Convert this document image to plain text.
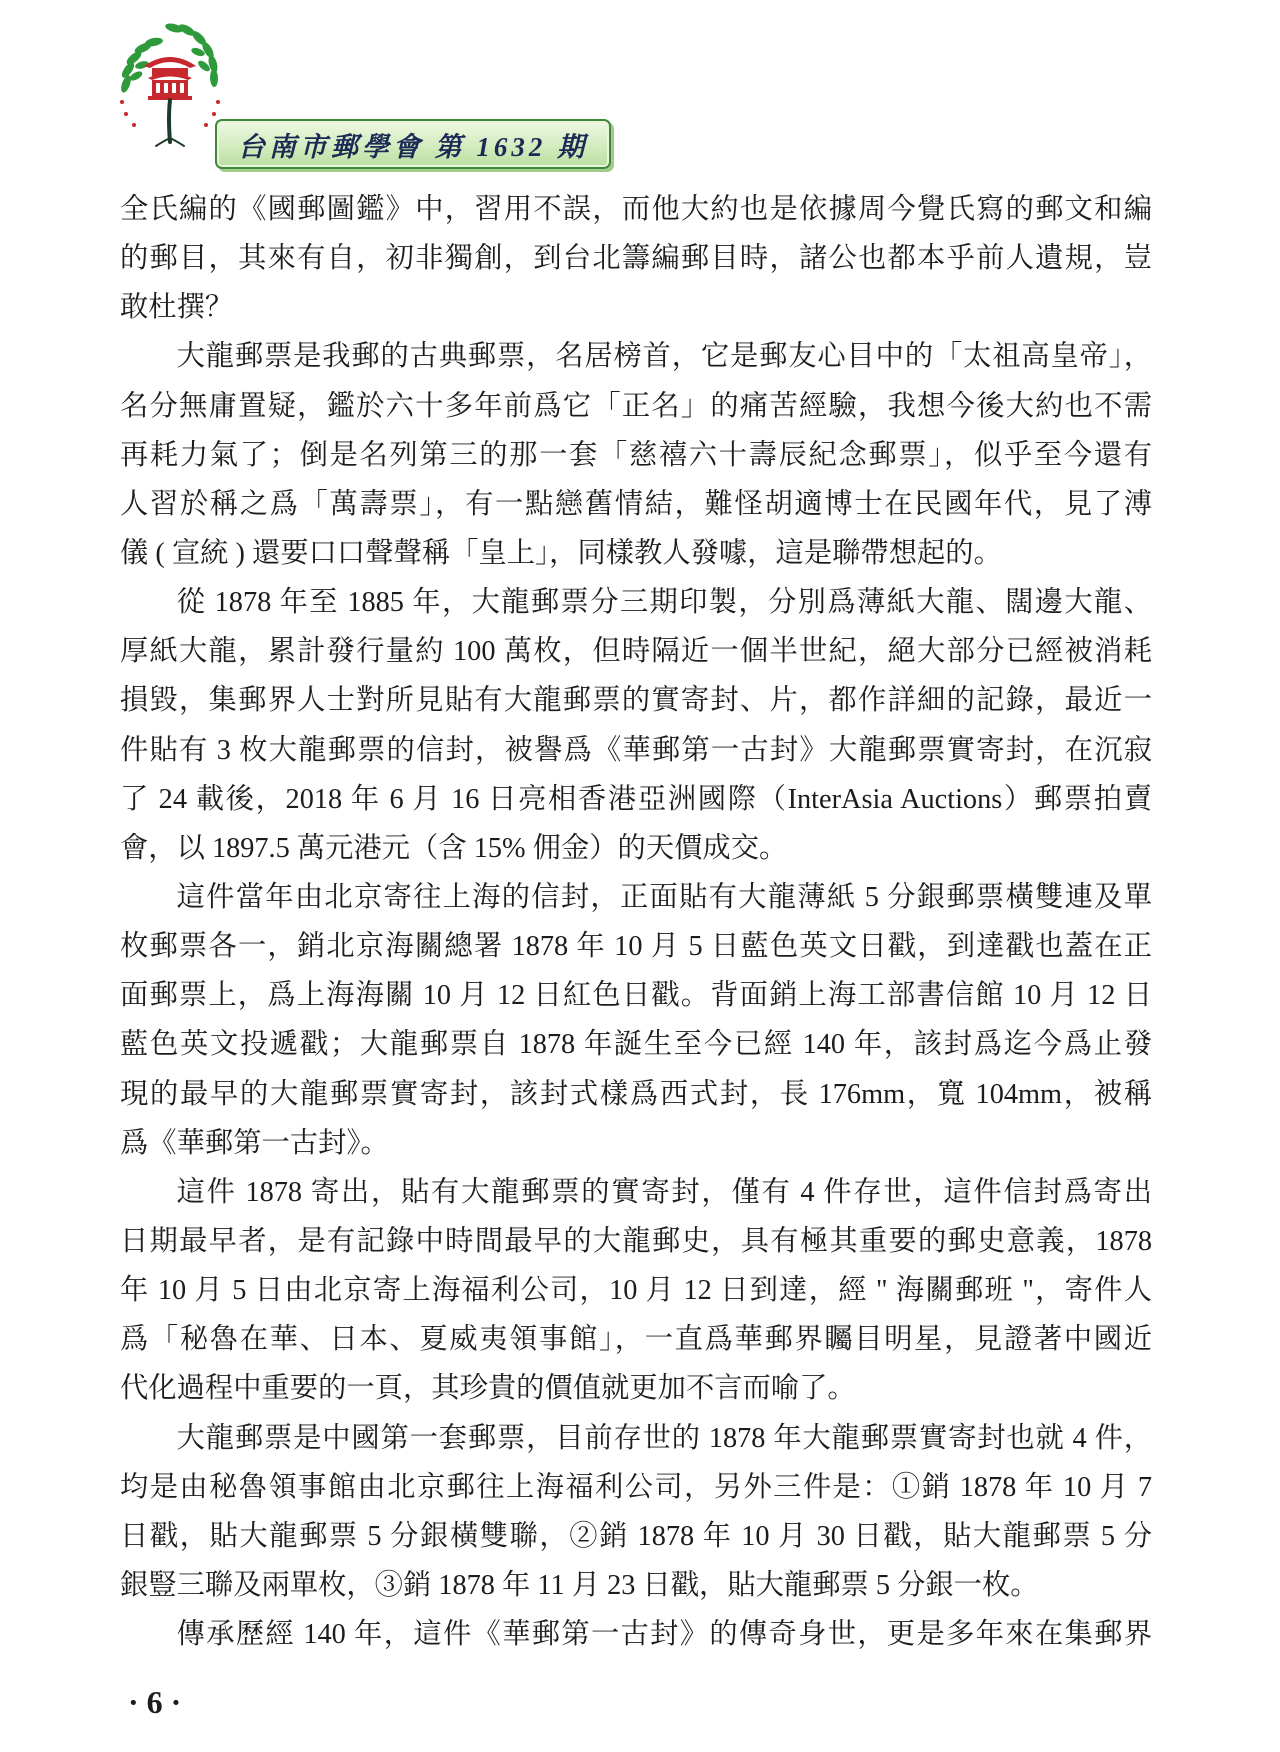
台南市郵學會 第 1632 期
全氏編的《國郵圖鑑》中，習用不誤，而他大約也是依據周今覺氏寫的郵文和編
的郵目，其來有自，初非獨創，到台北籌編郵目時，諸公也都本乎前人遺規，豈
敢杜撰？
大龍郵票是我郵的古典郵票，名居榜首，它是郵友心目中的「太祖高皇帝」，
名分無庸置疑，鑑於六十多年前爲它「正名」的痛苦經驗，我想今後大約也不需
再耗力氣了；倒是名列第三的那一套「慈禧六十壽辰紀念郵票」，似乎至今還有
人習於稱之爲「萬壽票」，有一點戀舊情結，難怪胡適博士在民國年代，見了溥
儀 ( 宣統 ) 還要口口聲聲稱「皇上」，同樣教人發噱，這是聯帶想起的。
從 1878 年至 1885 年，大龍郵票分三期印製，分別爲薄紙大龍、闊邊大龍、
厚紙大龍，累計發行量約 100 萬枚，但時隔近一個半世紀，絕大部分已經被消耗
損毀，集郵界人士對所見貼有大龍郵票的實寄封、片，都作詳細的記錄，最近一
件貼有 3 枚大龍郵票的信封，被譽爲《華郵第一古封》大龍郵票實寄封，在沉寂
了 24 載後，2018 年 6 月 16 日亮相香港亞洲國際（InterAsia Auctions）郵票拍賣
會，以 1897.5 萬元港元（含 15% 佣金）的天價成交。
這件當年由北京寄往上海的信封，正面貼有大龍薄紙 5 分銀郵票橫雙連及單
枚郵票各一，銷北京海關總署 1878 年 10 月 5 日藍色英文日戳，到達戳也蓋在正
面郵票上，爲上海海關 10 月 12 日紅色日戳。背面銷上海工部書信館 10 月 12 日
藍色英文投遞戳；大龍郵票自 1878 年誕生至今已經 140 年，該封爲迄今爲止發
現的最早的大龍郵票實寄封，該封式樣爲西式封，長 176mm，寬 104mm，被稱
爲《華郵第一古封》。
這件 1878 寄出，貼有大龍郵票的實寄封，僅有 4 件存世，這件信封爲寄出
日期最早者，是有記錄中時間最早的大龍郵史，具有極其重要的郵史意義，1878
年 10 月 5 日由北京寄上海福利公司，10 月 12 日到達，經 " 海關郵班 "，寄件人
爲「秘魯在華、日本、夏威夷領事館」，一直爲華郵界矚目明星，見證著中國近
代化過程中重要的一頁，其珍貴的價值就更加不言而喻了。
大龍郵票是中國第一套郵票，目前存世的 1878 年大龍郵票實寄封也就 4 件，
均是由秘魯領事館由北京郵往上海福利公司，另外三件是：①銷 1878 年 10 月 7
日戳，貼大龍郵票 5 分銀橫雙聯，②銷 1878 年 10 月 30 日戳，貼大龍郵票 5 分
銀豎三聯及兩單枚，③銷 1878 年 11 月 23 日戳，貼大龍郵票 5 分銀一枚。
傳承歷經 140 年，這件《華郵第一古封》的傳奇身世，更是多年來在集郵界
· 6 ·
